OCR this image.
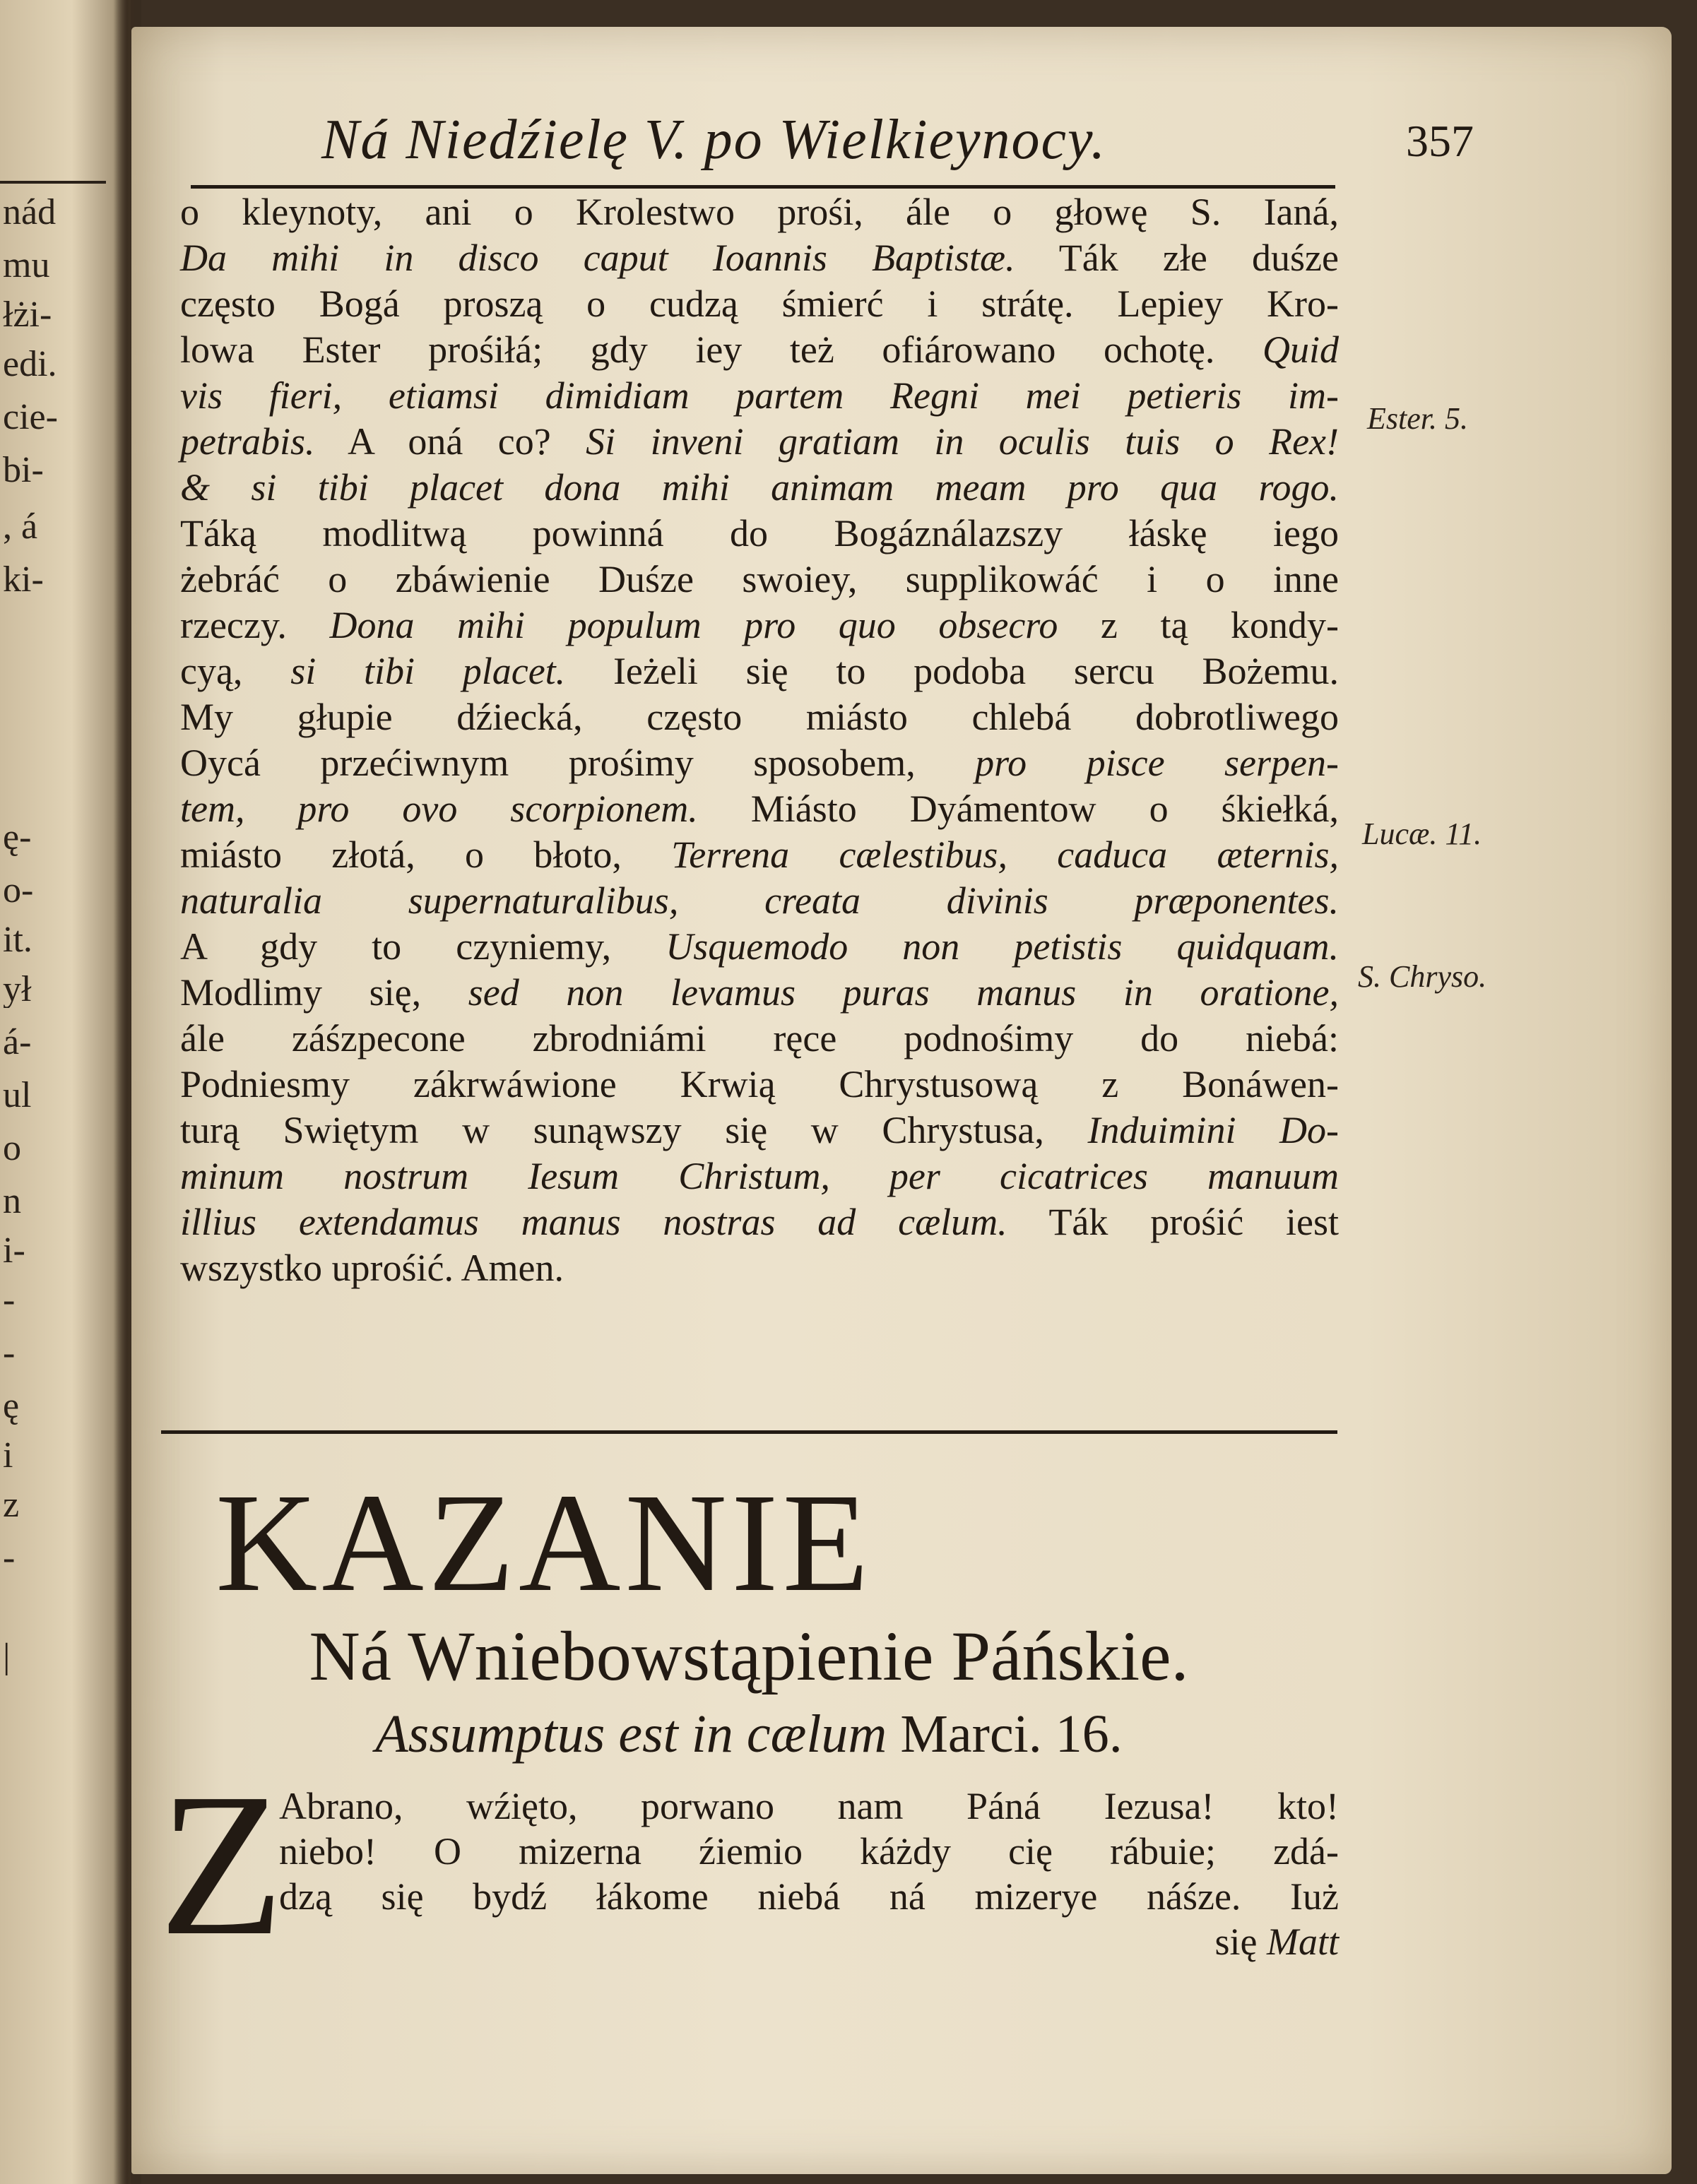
nád
mu
łżi-
edi.
cie-
bi-
, á
ki-
ę-
o-
it.
ył
á-
ul
o
n
i-
-
-
ę
i
z
-
|
Ná Niedźielę V. po Wielkieynocy.	357
o kleynoty, ani o Krolestwo prośi, ále o głowę S. Ianá,
Da mihi in disco caput Ioannis Baptistæ. Ták złe duśze
często Bogá proszą o cudzą śmierć i strátę. Lepiey Kro-
lowa Ester prośiłá; gdy iey też ofiárowano ochotę. Quid
vis fieri, etiamsi dimidiam partem Regni mei petieris im-
petrabis. A oná co? Si inveni gratiam in oculis tuis o Rex!
& si tibi placet dona mihi animam meam pro qua rogo.
Táką modlitwą powinná do Bogáználazszy łáskę iego
żebráć o zbáwienie Duśze swoiey, supplikowáć i o inne
rzeczy. Dona mihi populum pro quo obsecro z tą kondy-
cyą, si tibi placet. Ieżeli się to podoba sercu Bożemu.
My głupie dźiecká, często miásto chlebá dobrotliwego
Oycá przećiwnym prośimy sposobem, pro pisce serpen-
tem, pro ovo scorpionem. Miásto Dyámentow o śkiełká,
miásto złotá, o błoto, Terrena cælestibus, caduca æternis,
naturalia supernaturalibus, creata divinis præponentes.
A gdy to czyniemy, Usquemodo non petistis quidquam.
Modlimy się, sed non levamus puras manus in oratione,
ále záśzpecone zbrodniámi ręce podnośimy do niebá:
Podniesmy zákrwáwione Krwią Chrystusową z Bonáwen-
turą Swiętym w sunąwszy się w Chrystusa, Induimini Do-
minum nostrum Iesum Christum, per cicatrices manuum
illius extendamus manus nostras ad cælum. Ták prośić iest
wszystko uprośić. Amen.
Ester. 5.
Lucæ. 11.
S. Chryso.
KAZANIE
Ná Wniebowstąpienie Páńskie.
Assumptus est in cælum Marci. 16.
Z
Abrano, wźięto, porwano nam Páná Iezusa! kto!
niebo! O mizerna źiemio káżdy cię rábuie; zdá-
dzą się bydź łákome niebá ná mizerye náśze. Iuż
się Matt
